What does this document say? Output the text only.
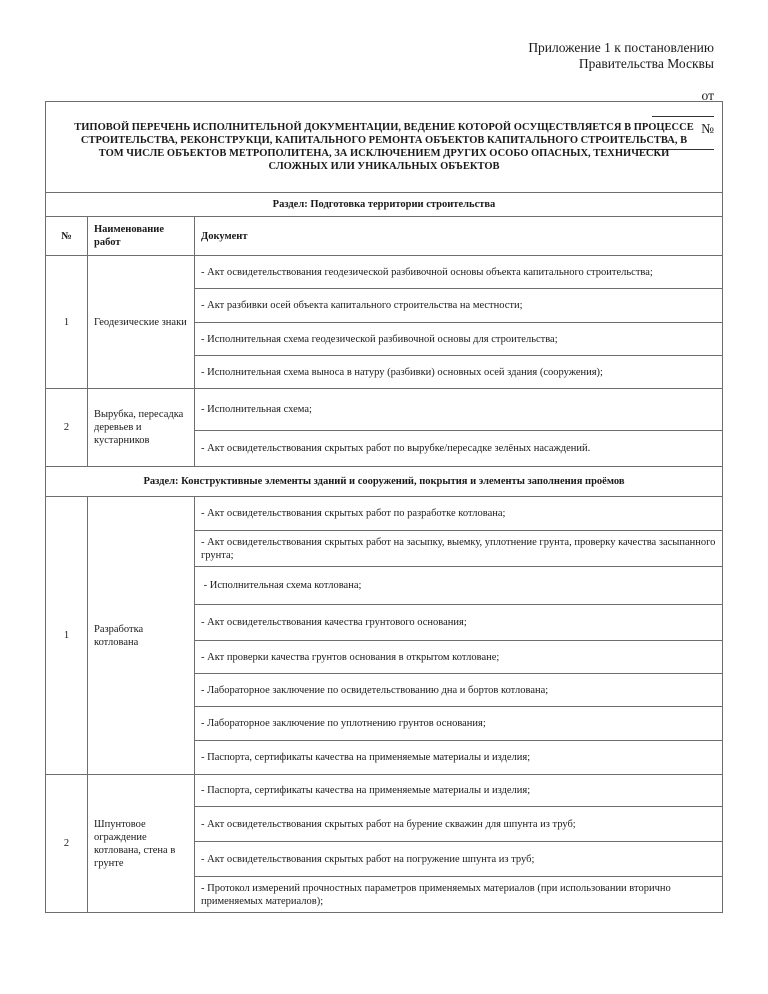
Приложение 1 к постановлению
Правительства Москвы

от

№

ТИПОВОЙ ПЕРЕЧЕНЬ ИСПОЛНИТЕЛЬНОЙ ДОКУМЕНТАЦИИ, ВЕДЕНИЕ КОТОРОЙ ОСУЩЕСТВЛЯЕТСЯ В ПРОЦЕССЕ СТРОИТЕЛЬСТВА, РЕКОНСТРУКЦИ, КАПИТАЛЬНОГО РЕМОНТА ОБЪЕКТОВ КАПИТАЛЬНОГО СТРОИТЕЛЬСТВА, В ТОМ ЧИСЛЕ ОБЪЕКТОВ МЕТРОПОЛИТЕНА, ЗА ИСКЛЮЧЕНИЕМ ДРУГИХ ОСОБО ОПАСНЫХ, ТЕХНИЧЕСКИ СЛОЖНЫХ ИЛИ УНИКАЛЬНЫХ ОБЪЕКТОВ		
Раздел: Подготовка территории строительства		
№	Наименование работ	Документ
1	Геодезические знаки	- Акт освидетельствования геодезической разбивочной основы объекта капитального строительства;
		- Акт разбивки осей объекта капитального строительства на местности;
		- Исполнительная схема геодезической разбивочной основы для строительства;
		- Исполнительная схема выноса в натуру (разбивки) основных осей здания (сооружения);
2	Вырубка, пересадка деревьев и кустарников	- Исполнительная схема;
		- Акт освидетельствования скрытых работ по вырубке/пересадке зелёных насаждений.
Раздел: Конструктивные элементы зданий и сооружений, покрытия и элементы заполнения проёмов		
1	Разработка котлована	- Акт освидетельствования скрытых работ по разработке котлована;
		- Акт освидетельствования скрытых работ на засыпку, выемку, уплотнение грунта, проверку качества засыпанного грунта;
		- Исполнительная схема котлована;
		- Акт освидетельствования качества грунтового основания;
		- Акт проверки качества грунтов основания в открытом котловане;
		- Лабораторное заключение по освидетельствованию дна и бортов котлована;
		- Лабораторное заключение по уплотнению грунтов основания;
		- Паспорта, сертификаты качества на применяемые материалы и изделия;
2	Шпунтовое ограждение котлована, стена в грунте	- Паспорта, сертификаты качества на применяемые материалы и изделия;
		- Акт освидетельствования скрытых работ на бурение скважин для шпунта из труб;
		- Акт освидетельствования скрытых работ на погружение шпунта из труб;
		- Протокол измерений прочностных параметров применяемых материалов (при использовании вторично применяемых материалов);
